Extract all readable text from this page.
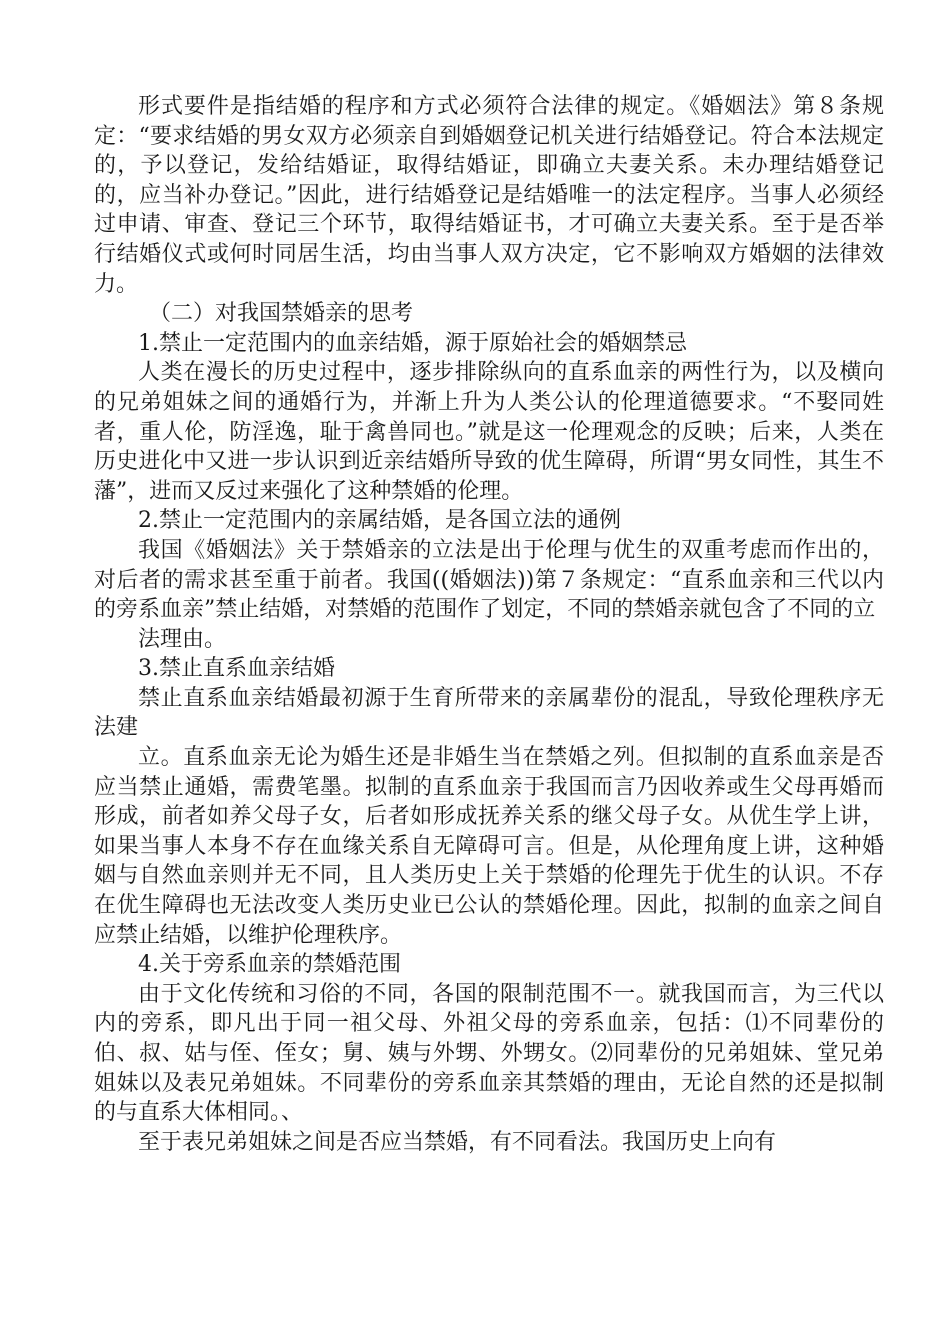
形式要件是指结婚的程序和方式必须符合法律的规定。《婚姻法》第８条规定：“要求结婚的男女双方必须亲自到婚姻登记机关进行结婚登记。符合本法规定的，予以登记，发给结婚证，取得结婚证，即确立夫妻关系。未办理结婚登记的，应当补办登记。”因此，进行结婚登记是结婚唯一的法定程序。当事人必须经过申请、审查、登记三个环节，取得结婚证书，才可确立夫妻关系。至于是否举行结婚仪式或何时同居生活，均由当事人双方决定，它不影响双方婚姻的法律效力。

（二）对我国禁婚亲的思考

1.禁止一定范围内的血亲结婚，源于原始社会的婚姻禁忌

人类在漫长的历史过程中，逐步排除纵向的直系血亲的两性行为，以及横向的兄弟姐妹之间的通婚行为，并渐上升为人类公认的伦理道德要求。“不娶同姓者，重人伦，防淫逸，耻于禽兽同也。”就是这一伦理观念的反映；后来，人类在历史进化中又进一步认识到近亲结婚所导致的优生障碍，所谓“男女同性，其生不藩”，进而又反过来强化了这种禁婚的伦理。

2.禁止一定范围内的亲属结婚，是各国立法的通例

我国《婚姻法》关于禁婚亲的立法是出于伦理与优生的双重考虑而作出的，对后者的需求甚至重于前者。我国((婚姻法))第７条规定：“直系血亲和三代以内的旁系血亲”禁止结婚，对禁婚的范围作了划定，不同的禁婚亲就包含了不同的立

法理由。

3.禁止直系血亲结婚

禁止直系血亲结婚最初源于生育所带来的亲属辈份的混乱，导致伦理秩序无法建

立。直系血亲无论为婚生还是非婚生当在禁婚之列。但拟制的直系血亲是否应当禁止通婚，需费笔墨。拟制的直系血亲于我国而言乃因收养或生父母再婚而形成，前者如养父母子女，后者如形成抚养关系的继父母子女。从优生学上讲，如果当事人本身不存在血缘关系自无障碍可言。但是，从伦理角度上讲，这种婚姻与自然血亲则并无不同，且人类历史上关于禁婚的伦理先于优生的认识。不存在优生障碍也无法改变人类历史业已公认的禁婚伦理。因此，拟制的血亲之间自应禁止结婚，以维护伦理秩序。

4.关于旁系血亲的禁婚范围

由于文化传统和习俗的不同，各国的限制范围不一。就我国而言，为三代以内的旁系，即凡出于同一祖父母、外祖父母的旁系血亲，包括：⑴不同辈份的伯、叔、姑与侄、侄女；舅、姨与外甥、外甥女。⑵同辈份的兄弟姐妹、堂兄弟姐妹以及表兄弟姐妹。不同辈份的旁系血亲其禁婚的理由，无论自然的还是拟制的与直系大体相同。、

至于表兄弟姐妹之间是否应当禁婚，有不同看法。我国历史上向有
